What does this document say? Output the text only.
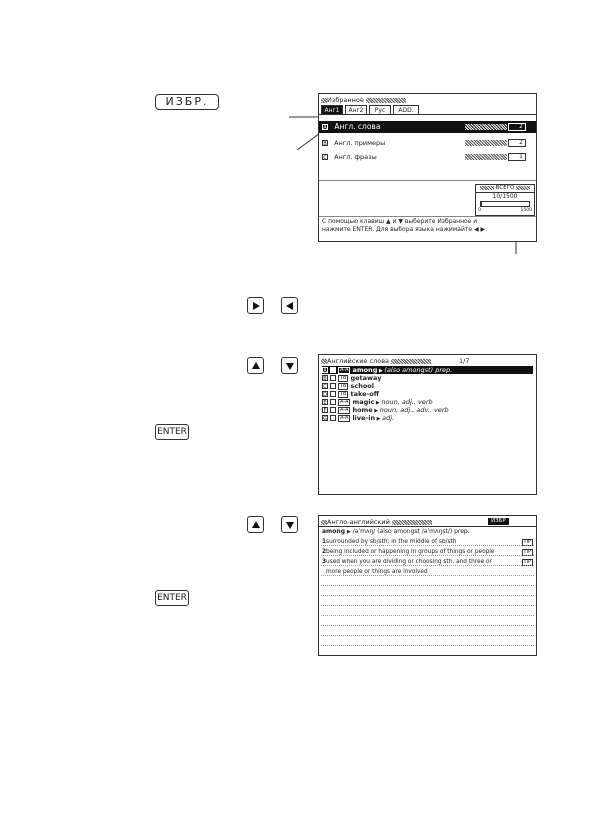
ИЗБР.	Избранное
Анг1	Анг2	Рус	ADD.
А Англ. слова	2
В Англ. примеры	2
С Англ. фразы	1
ВСЕГО
10/1500
0	1500
С помощью клавиш ▲ и ▼ выберите Избранное и
нажмите ENTER. Для выбора языка нажимайте ◀ ▶.
ENTER
Английские слова	1/7
A	A-A among ▶ (also amongst) prep.
B	TB getaway
C	TB school
D	TB take-off
E	A-A magic ▶ noun, adj., verb
F	A-A home ▶ noun, adj., adv., verb
G	A-A live-in ▶ adj.
ENTER
Англо-английский	ИЗБР
among ▶ /əˈmʌŋ/ (also amongst /əˈmʌŋst/) prep.
1surrounded by sb/sth; in the middle of sb/sth	ПР
2being included or happening in groups of things or people	ПР
3used when you are dividing or choosing sth, and three or
more people or things are involved
ПР
